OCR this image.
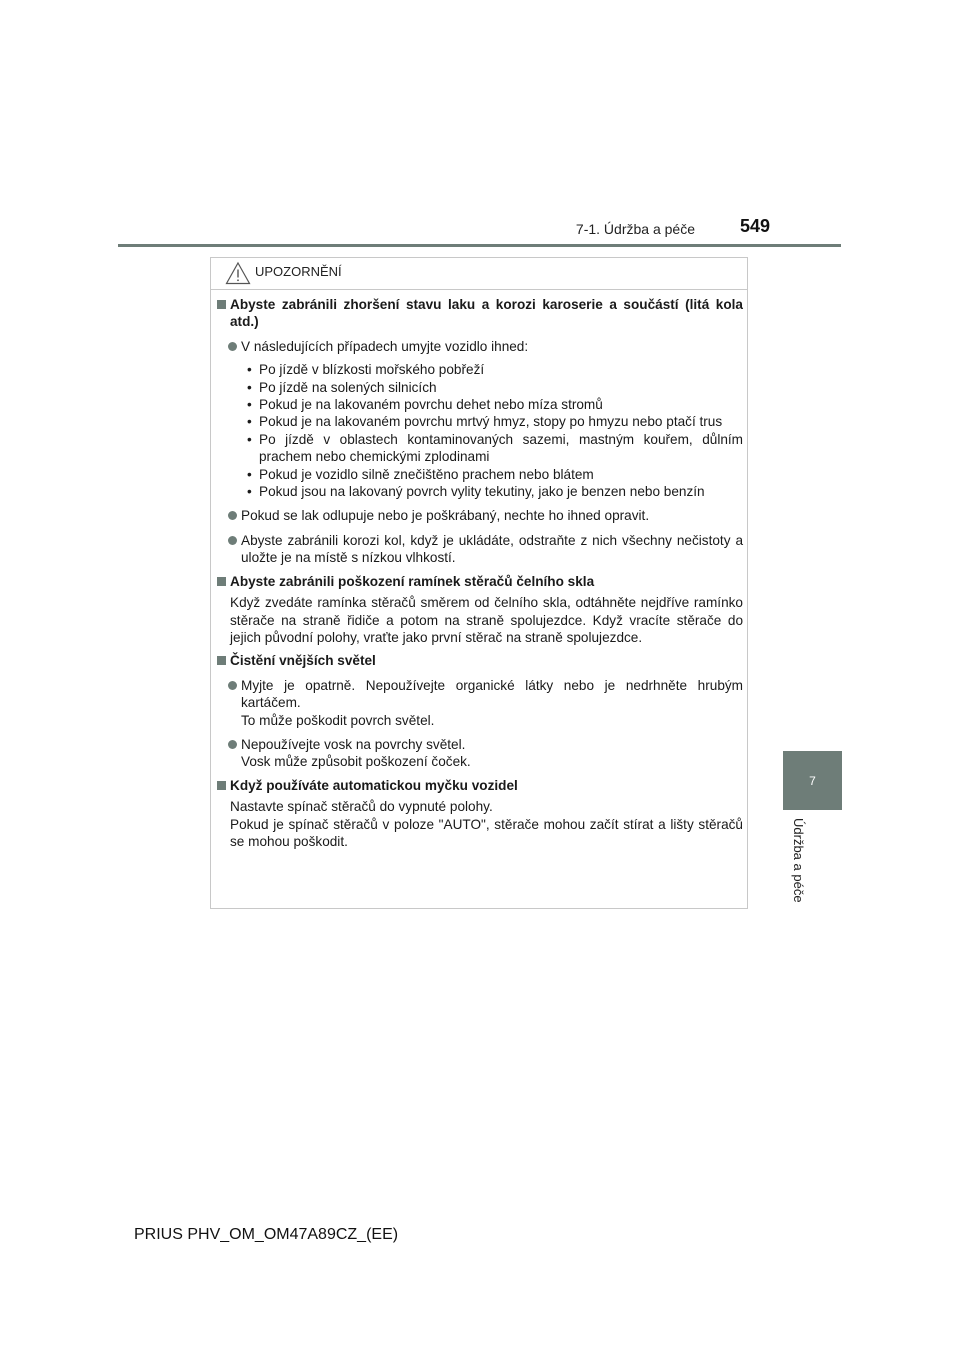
7-1. Údržba a péče	549
7
Údržba a péče
UPOZORNĚNÍ
Abyste zabránili zhoršení stavu laku a korozi karoserie a součástí (litá kola atd.)
V následujících případech umyjte vozidlo ihned:
• Po jízdě v blízkosti mořského pobřeží
• Po jízdě na solených silnicích
• Pokud je na lakovaném povrchu dehet nebo míza stromů
• Pokud je na lakovaném povrchu mrtvý hmyz, stopy po hmyzu nebo ptačí trus
• Po jízdě v oblastech kontaminovaných sazemi, mastným kouřem, důlním prachem nebo chemickými zplodinami
• Pokud je vozidlo silně znečištěno prachem nebo blátem
• Pokud jsou na lakovaný povrch vylity tekutiny, jako je benzen nebo benzín
Pokud se lak odlupuje nebo je poškrábaný, nechte ho ihned opravit.
Abyste zabránili korozi kol, když je ukládáte, odstraňte z nich všechny nečistoty a uložte je na místě s nízkou vlhkostí.
Abyste zabránili poškození ramínek stěračů čelního skla
Když zvedáte ramínka stěračů směrem od čelního skla, odtáhněte nejdříve ramínko stěrače na straně řidiče a potom na straně spolujezdce. Když vracíte stěrače do jejich původní polohy, vraťte jako první stěrač na straně spolujezdce.
Čistění vnějších světel
Myjte je opatrně. Nepoužívejte organické látky nebo je nedrhněte hrubým kartáčem.
To může poškodit povrch světel.
Nepoužívejte vosk na povrchy světel.
Vosk může způsobit poškození čoček.
Když používáte automatickou myčku vozidel
Nastavte spínač stěračů do vypnuté polohy.
Pokud je spínač stěračů v poloze "AUTO", stěrače mohou začít stírat a lišty stěračů se mohou poškodit.
PRIUS PHV_OM_OM47A89CZ_(EE)
